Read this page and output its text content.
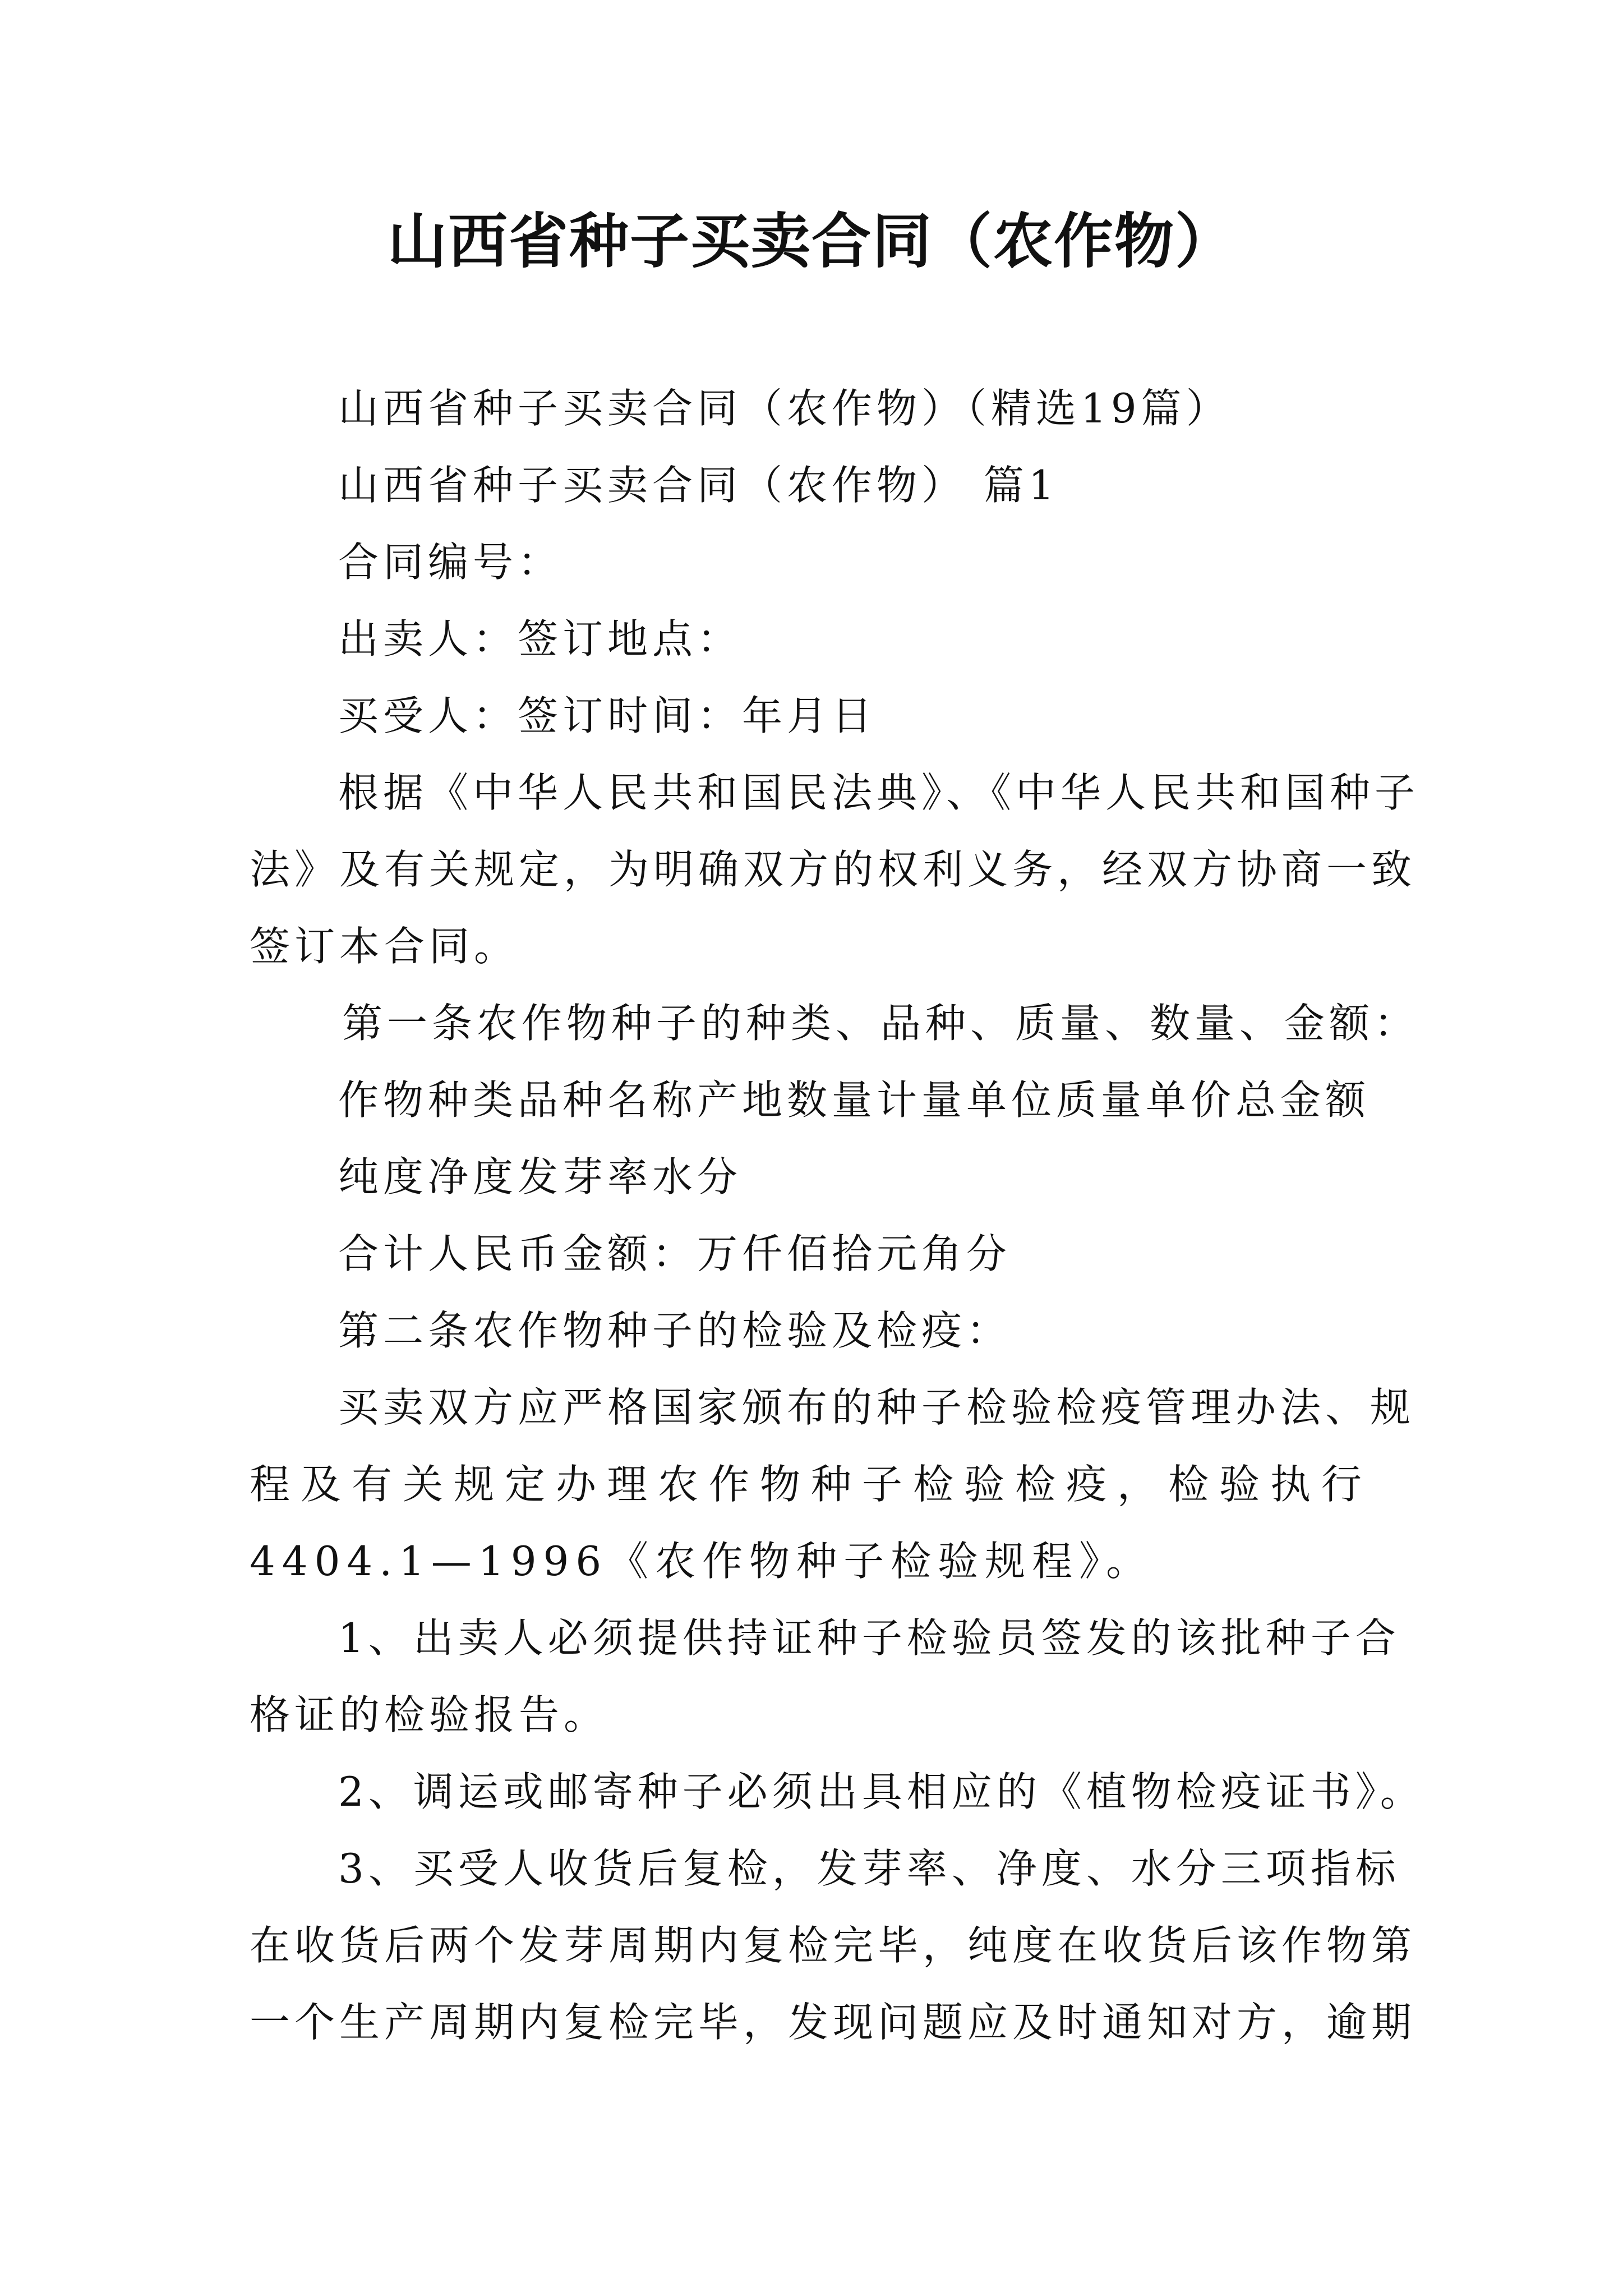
山西省种子买卖合同（农作物）
山西省种子买卖合同（农作物）（精选19篇）
山西省种子买卖合同（农作物） 篇1
合同编号：
出卖人：签订地点：
买受人：签订时间：年月日
根据《中华人民共和国民法典》、《中华人民共和国种子
法》及有关规定，为明确双方的权利义务，经双方协商一致
签订本合同。
第一条农作物种子的种类、品种、质量、数量、金额：
作物种类品种名称产地数量计量单位质量单价总金额
纯度净度发芽率水分
合计人民币金额：万仟佰拾元角分
第二条农作物种子的检验及检疫：
买卖双方应严格国家颁布的种子检验检疫管理办法、规
程及有关规定办理农作物种子检验检疫，检验执行
4404.1—1996《农作物种子检验规程》。
1、出卖人必须提供持证种子检验员签发的该批种子合
格证的检验报告。
2、调运或邮寄种子必须出具相应的《植物检疫证书》。
3、买受人收货后复检，发芽率、净度、水分三项指标
在收货后两个发芽周期内复检完毕，纯度在收货后该作物第
一个生产周期内复检完毕，发现问题应及时通知对方，逾期
